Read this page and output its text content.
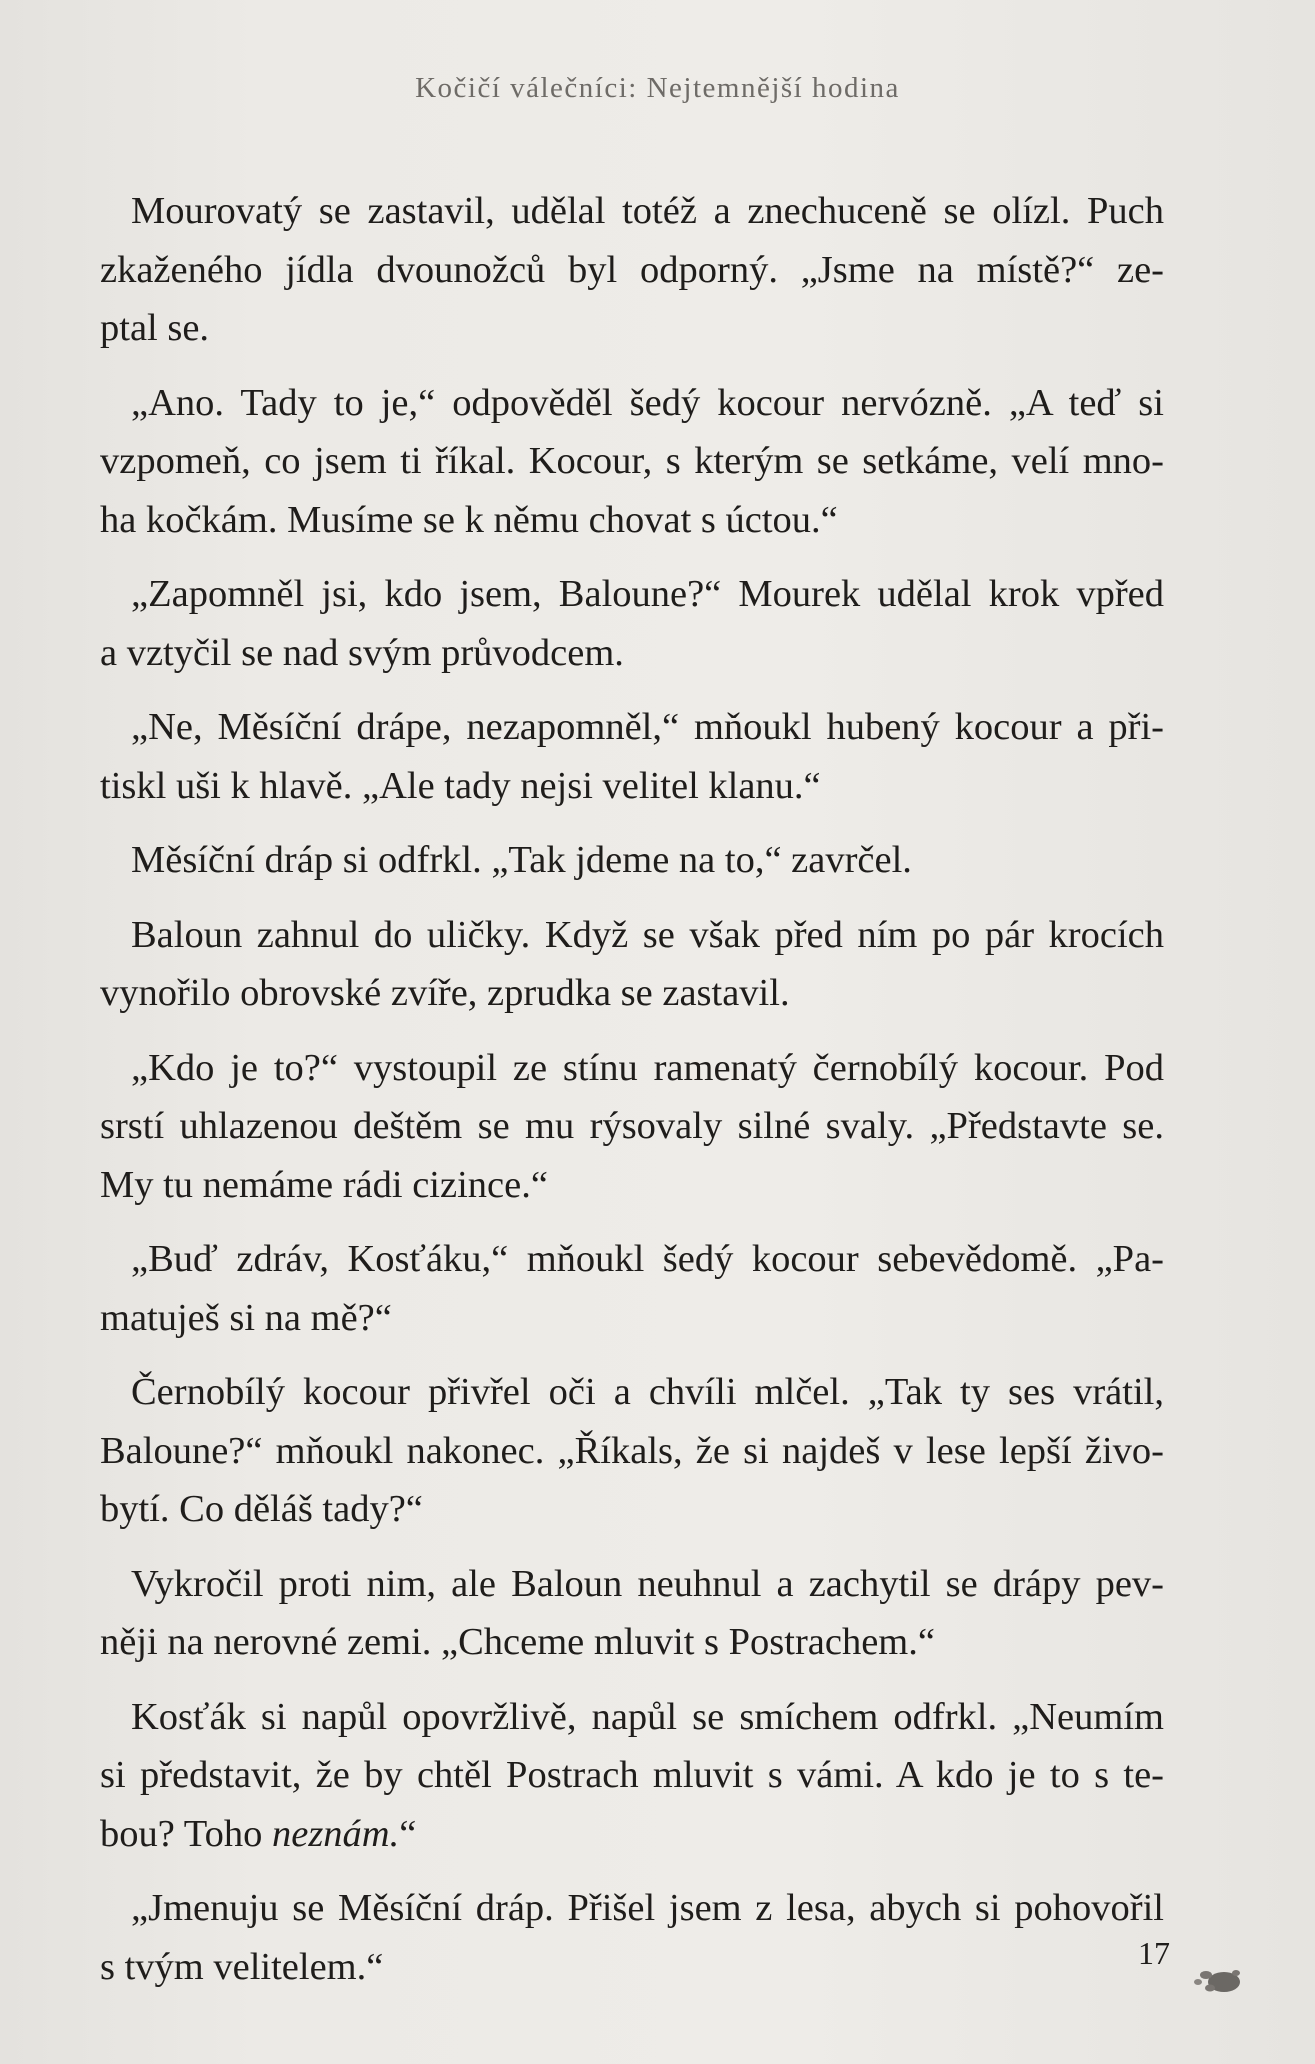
Kočičí válečníci: Nejtemnější hodina

Mourovatý se zastavil, udělal totéž a znechuceně se olízl. Puch
zkaženého jídla dvounožců byl odporný. „Jsme na místě?“ ze-
ptal se.

„Ano. Tady to je,“ odpověděl šedý kocour nervózně. „A teď si
vzpomeň, co jsem ti říkal. Kocour, s kterým se setkáme, velí mno-
ha kočkám. Musíme se k němu chovat s úctou.“

„Zapomněl jsi, kdo jsem, Baloune?“ Mourek udělal krok vpřed
a vztyčil se nad svým průvodcem.

„Ne, Měsíční drápe, nezapomněl,“ mňoukl hubený kocour a při-
tiskl uši k hlavě. „Ale tady nejsi velitel klanu.“

Měsíční dráp si odfrkl. „Tak jdeme na to,“ zavrčel.

Baloun zahnul do uličky. Když se však před ním po pár krocích
vynořilo obrovské zvíře, zprudka se zastavil.

„Kdo je to?“ vystoupil ze stínu ramenatý černobílý kocour. Pod
srstí uhlazenou deštěm se mu rýsovaly silné svaly. „Představte se.
My tu nemáme rádi cizince.“

„Buď zdráv, Kosťáku,“ mňoukl šedý kocour sebevědomě. „Pa-
matuješ si na mě?“

Černobílý kocour přivřel oči a chvíli mlčel. „Tak ty ses vrátil,
Baloune?“ mňoukl nakonec. „Říkals, že si najdeš v lese lepší živo-
bytí. Co děláš tady?“

Vykročil proti nim, ale Baloun neuhnul a zachytil se drápy pev-
něji na nerovné zemi. „Chceme mluvit s Postrachem.“

Kosťák si napůl opovržlivě, napůl se smíchem odfrkl. „Neumím
si představit, že by chtěl Postrach mluvit s vámi. A kdo je to s te-
bou? Toho neznám.“

„Jmenuju se Měsíční dráp. Přišel jsem z lesa, abych si pohovořil
s tvým velitelem.“	17
